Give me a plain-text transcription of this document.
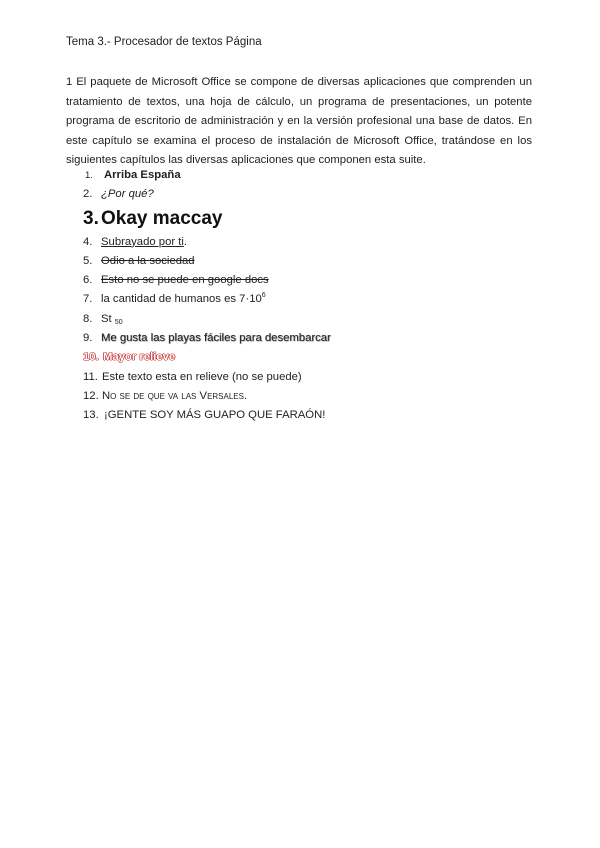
Tema 3.- Procesador de textos Página
1 El paquete de Microsoft Office se compone de diversas aplicaciones que comprenden un tratamiento de textos, una hoja de cálculo, un programa de presentaciones, un potente programa de escritorio de administración y en la versión profesional una base de datos. En este capítulo se examina el proceso de instalación de Microsoft Office, tratándose en los siguientes capítulos las diversas aplicaciones que componen esta suite.
1. Arriba España
2. ¿Por qué?
3. Okay maccay
4. Subrayado por ti.
5. Odio a la sociedad
6. Esto no se puede en google docs
7. la cantidad de humanos es $7\cdot 10^6$
8. St $_{50}$
9. Me gusta las playas fáciles para desembarcar
10. Mayor relieve
11. Este texto esta en relieve (no se puede)
12. No se de que va las Versales.
13. ¡GENTE SOY MÁS GUAPO QUE FARAÓN!
